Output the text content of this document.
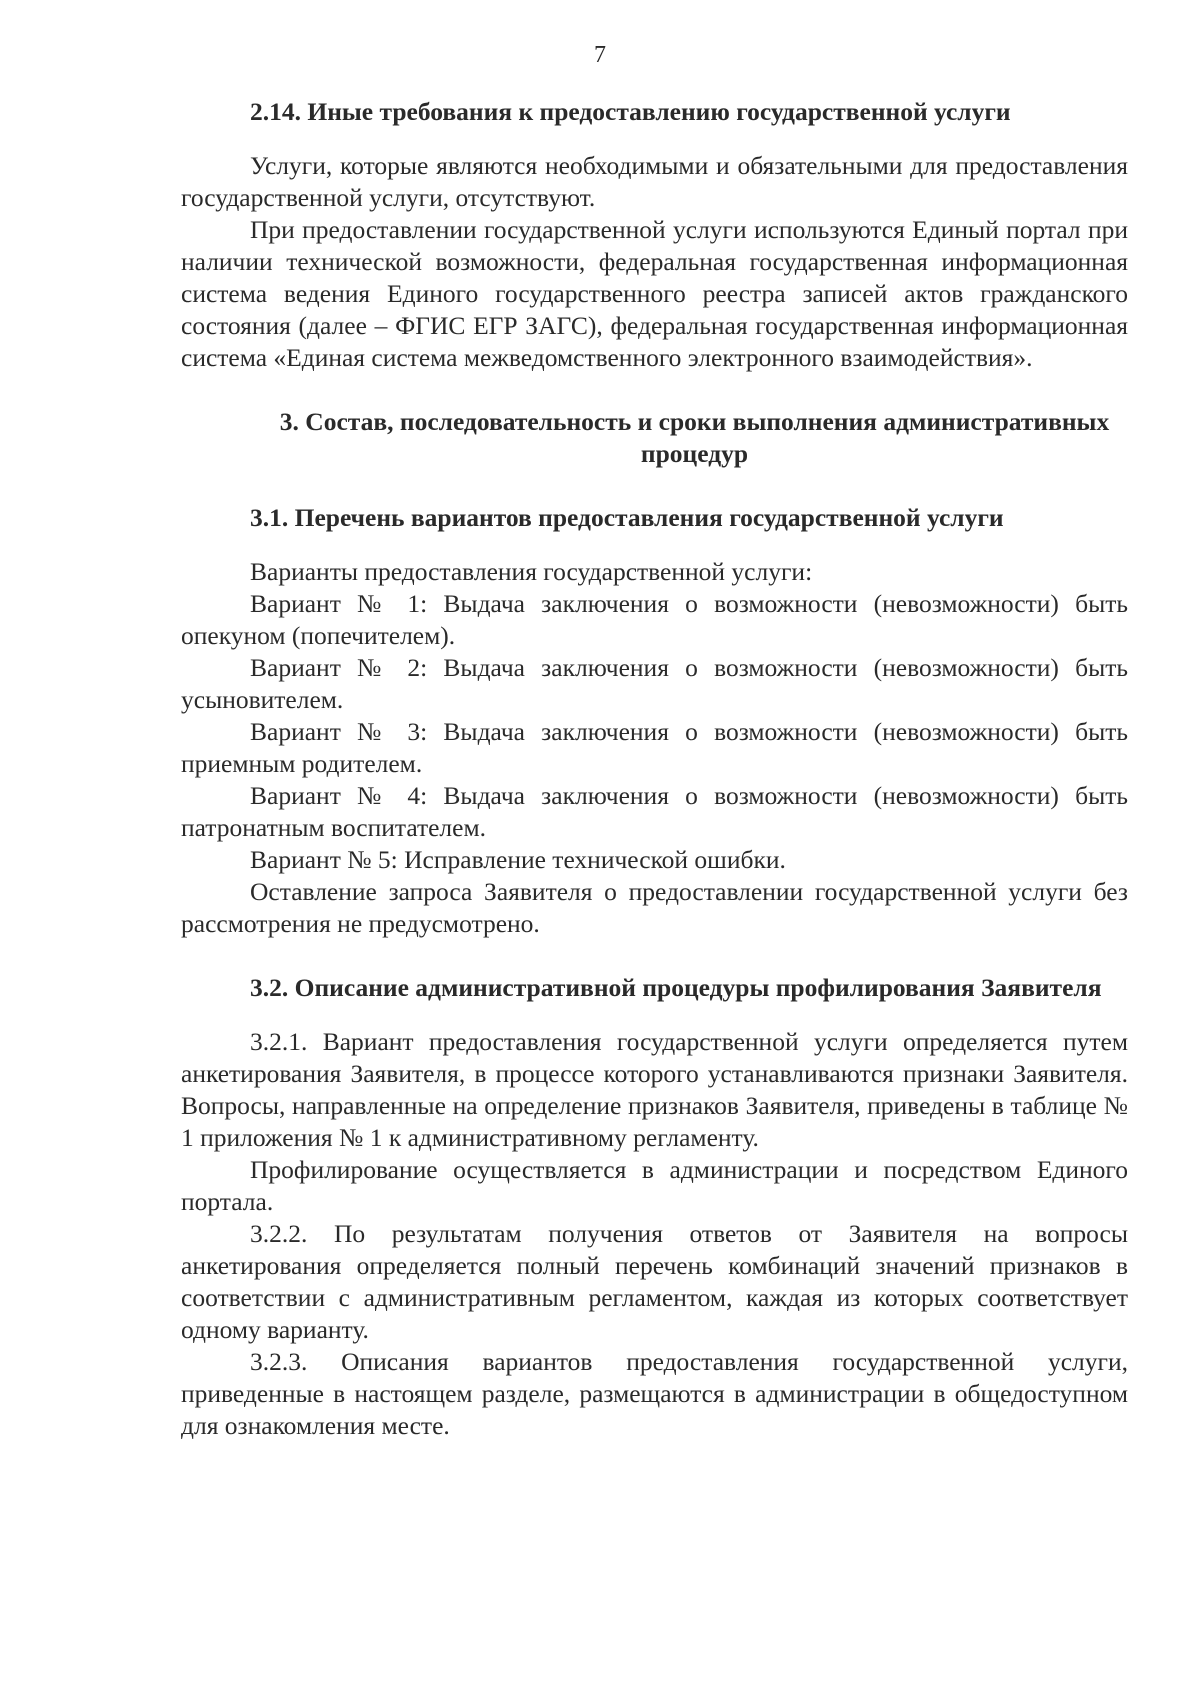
7

2.14. Иные требования к предоставлению государственной услуги

Услуги, которые являются необходимыми и обязательными для предоставления государственной услуги, отсутствуют.

При предоставлении государственной услуги используются Единый портал при наличии технической возможности, федеральная государственная информационная система ведения Единого государственного реестра записей актов гражданского состояния (далее – ФГИС ЕГР ЗАГС), федеральная государственная информационная система «Единая система межведомственного электронного взаимодействия».

3. Состав, последовательность и сроки выполнения административных процедур

3.1. Перечень вариантов предоставления государственной услуги

Варианты предоставления государственной услуги:

Вариант № 1: Выдача заключения о возможности (невозможности) быть опекуном (попечителем).

Вариант № 2: Выдача заключения о возможности (невозможности) быть усыновителем.

Вариант № 3: Выдача заключения о возможности (невозможности) быть приемным родителем.

Вариант № 4: Выдача заключения о возможности (невозможности) быть патронатным воспитателем.

Вариант № 5: Исправление технической ошибки.

Оставление запроса Заявителя о предоставлении государственной услуги без рассмотрения не предусмотрено.

3.2. Описание административной процедуры профилирования Заявителя

3.2.1. Вариант предоставления государственной услуги определяется путем анкетирования Заявителя, в процессе которого устанавливаются признаки Заявителя. Вопросы, направленные на определение признаков Заявителя, приведены в таблице № 1 приложения № 1 к административному регламенту.

Профилирование осуществляется в администрации и посредством Единого портала.

3.2.2. По результатам получения ответов от Заявителя на вопросы анкетирования определяется полный перечень комбинаций значений признаков в соответствии с административным регламентом, каждая из которых соответствует одному варианту.

3.2.3. Описания вариантов предоставления государственной услуги, приведенные в настоящем разделе, размещаются в администрации в общедоступном для ознакомления месте.
